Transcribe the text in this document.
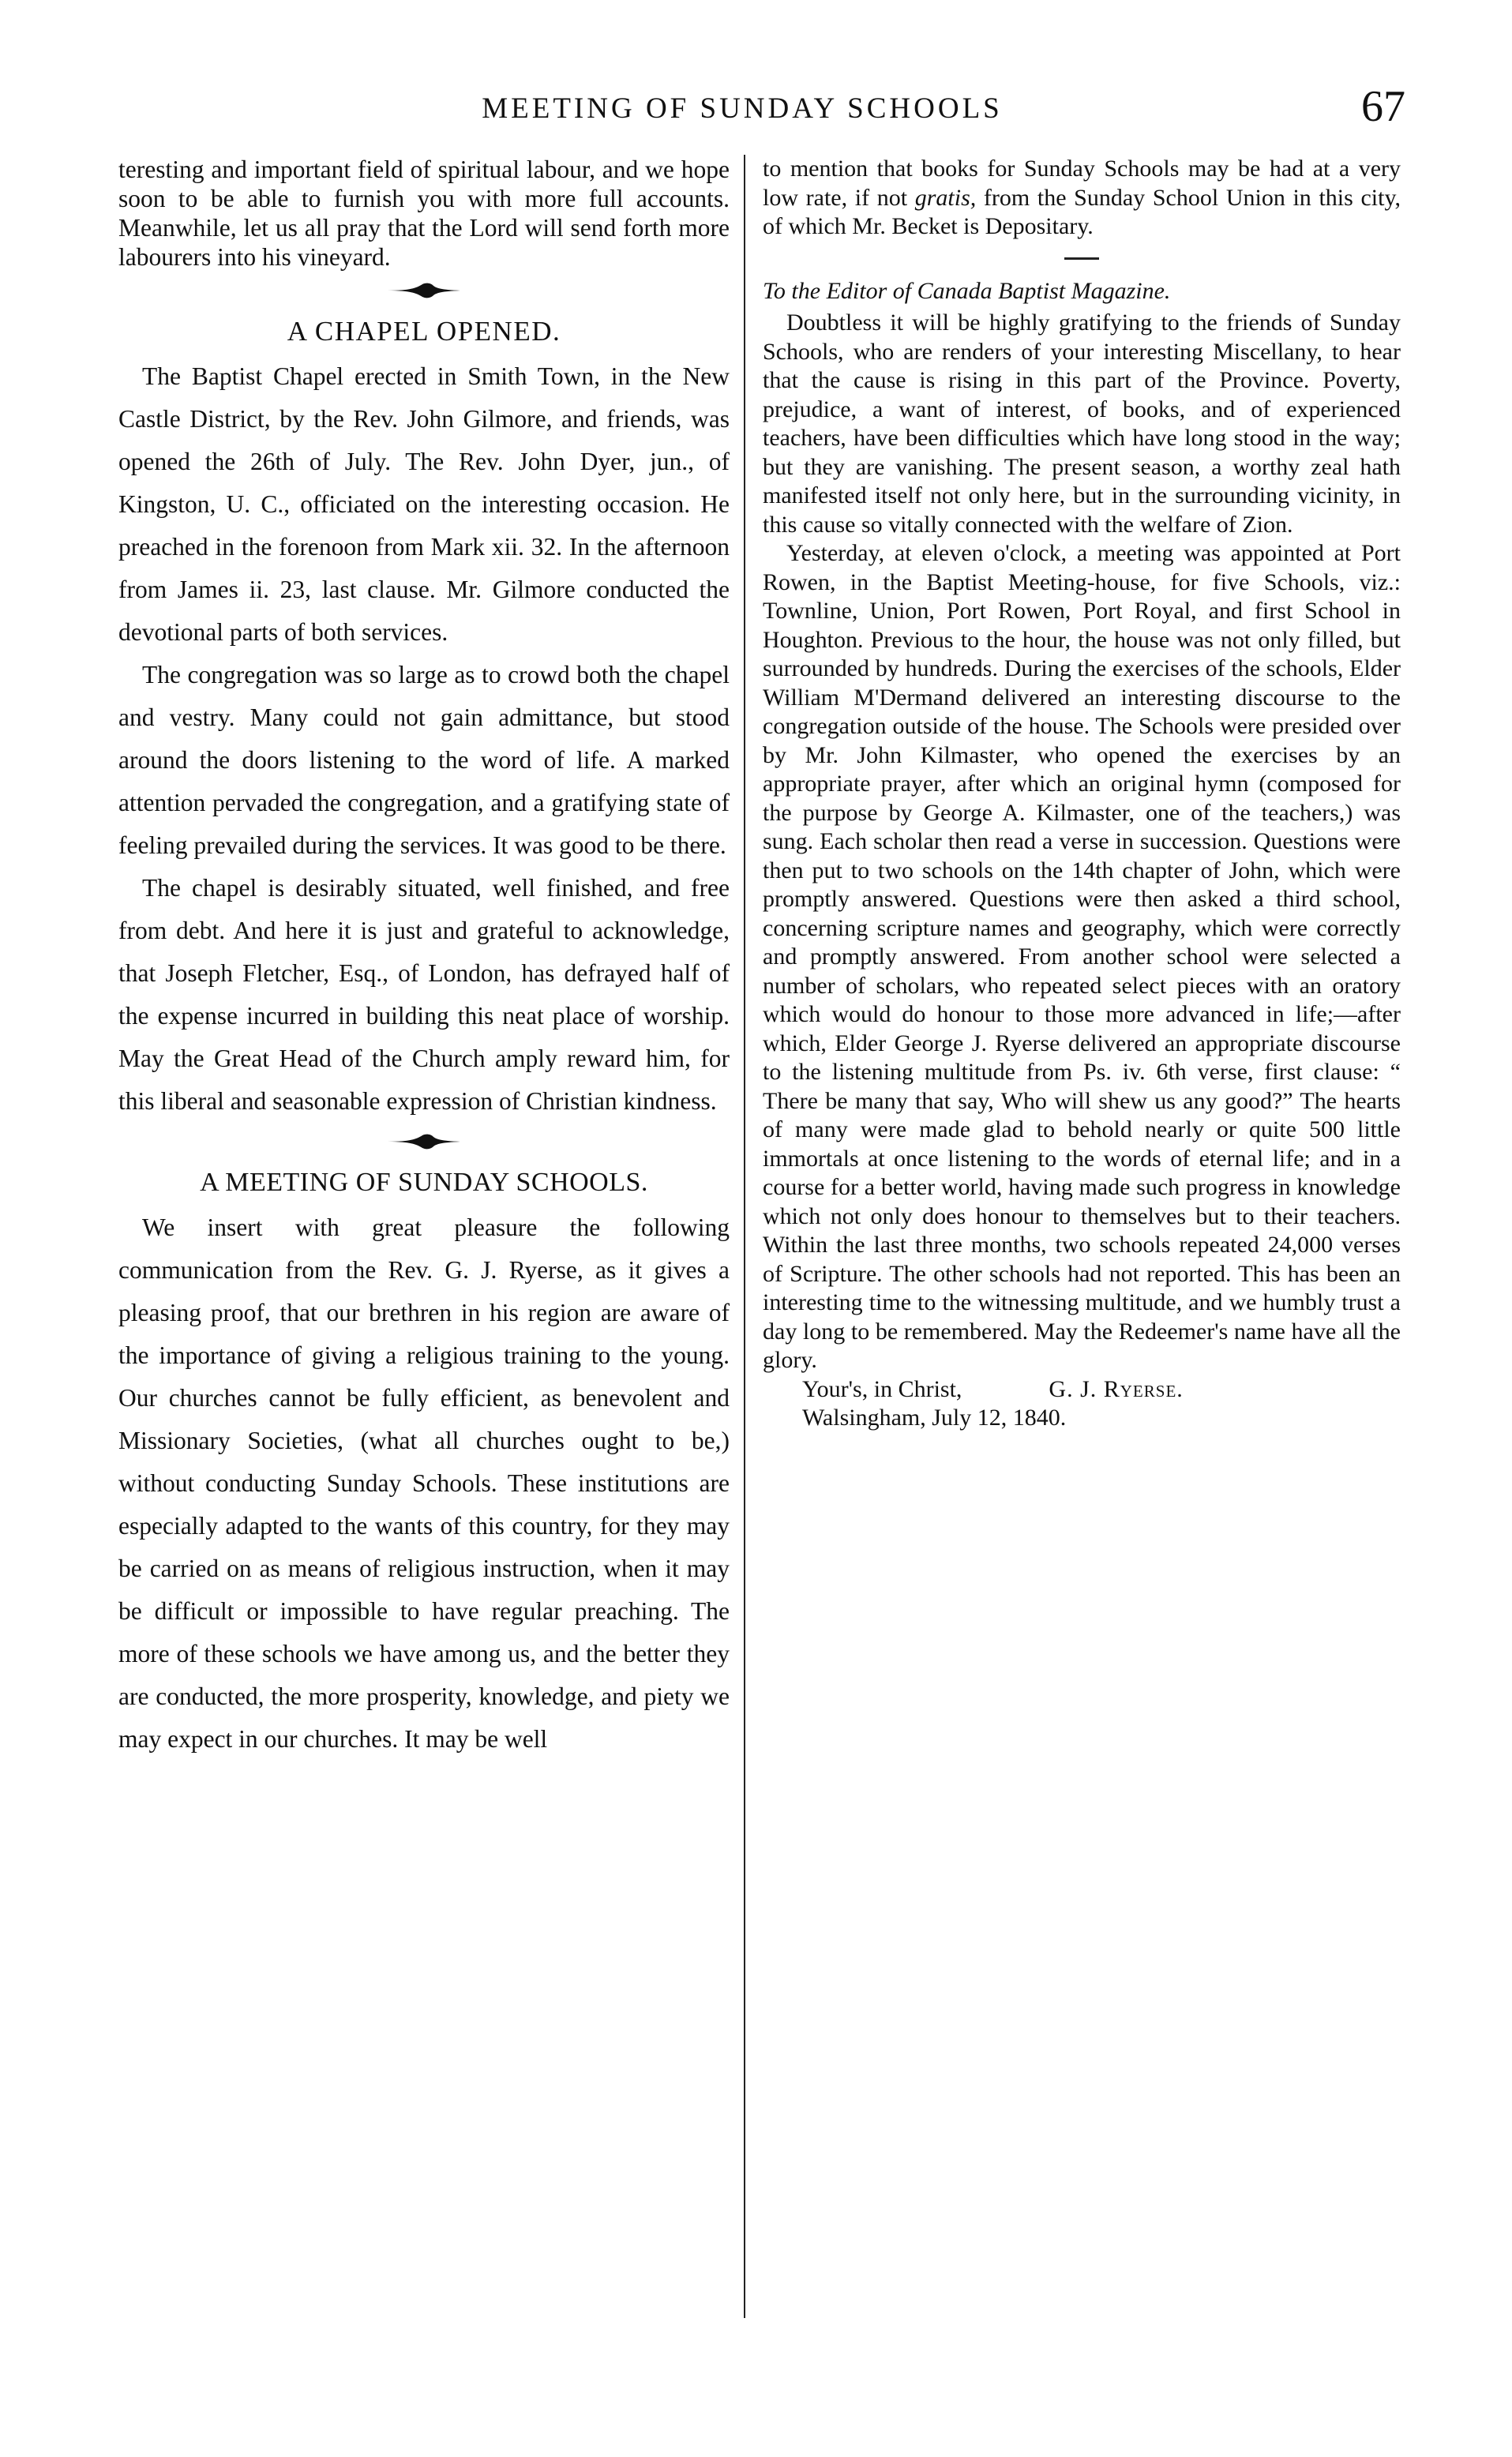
MEETING OF SUNDAY SCHOOLS	67

teresting and important field of spiritual labour, and we hope soon to be able to furnish you with more full accounts. Meanwhile, let us all pray that the Lord will send forth more labourers into his vineyard.

A CHAPEL OPENED.

The Baptist Chapel erected in Smith Town, in the New Castle District, by the Rev. John Gilmore, and friends, was opened the 26th of July. The Rev. John Dyer, jun., of Kingston, U. C., officiated on the interesting occasion. He preached in the forenoon from Mark xii. 32. In the afternoon from James ii. 23, last clause. Mr. Gilmore conducted the devotional parts of both services.

The congregation was so large as to crowd both the chapel and vestry. Many could not gain admittance, but stood around the doors listening to the word of life. A marked attention pervaded the congregation, and a gratifying state of feeling prevailed during the services. It was good to be there.

The chapel is desirably situated, well finished, and free from debt. And here it is just and grateful to acknowledge, that Joseph Fletcher, Esq., of London, has defrayed half of the expense incurred in building this neat place of worship. May the Great Head of the Church amply reward him, for this liberal and seasonable expression of Christian kindness.

A MEETING OF SUNDAY SCHOOLS.

We insert with great pleasure the following communication from the Rev. G. J. Ryerse, as it gives a pleasing proof, that our brethren in his region are aware of the importance of giving a religious training to the young. Our churches cannot be fully efficient, as benevolent and Missionary Societies, (what all churches ought to be,) without conducting Sunday Schools. These institutions are especially adapted to the wants of this country, for they may be carried on as means of religious instruction, when it may be difficult or impossible to have regular preaching. The more of these schools we have among us, and the better they are conducted, the more prosperity, knowledge, and piety we may expect in our churches. It may be well

to mention that books for Sunday Schools may be had at a very low rate, if not gratis, from the Sunday School Union in this city, of which Mr. Becket is Depositary.

To the Editor of Canada Baptist Magazine.

Doubtless it will be highly gratifying to the friends of Sunday Schools, who are renders of your interesting Miscellany, to hear that the cause is rising in this part of the Province. Poverty, prejudice, a want of interest, of books, and of experienced teachers, have been difficulties which have long stood in the way; but they are vanishing. The present season, a worthy zeal hath manifested itself not only here, but in the surrounding vicinity, in this cause so vitally connected with the welfare of Zion.

Yesterday, at eleven o'clock, a meeting was appointed at Port Rowen, in the Baptist Meeting-house, for five Schools, viz.: Townline, Union, Port Rowen, Port Royal, and first School in Houghton. Previous to the hour, the house was not only filled, but surrounded by hundreds. During the exercises of the schools, Elder William M'Dermand delivered an interesting discourse to the congregation outside of the house. The Schools were presided over by Mr. John Kilmaster, who opened the exercises by an appropriate prayer, after which an original hymn (composed for the purpose by George A. Kilmaster, one of the teachers,) was sung. Each scholar then read a verse in succession. Questions were then put to two schools on the 14th chapter of John, which were promptly answered. Questions were then asked a third school, concerning scripture names and geography, which were correctly and promptly answered. From another school were selected a number of scholars, who repeated select pieces with an oratory which would do honour to those more advanced in life;—after which, Elder George J. Ryerse delivered an appropriate discourse to the listening multitude from Ps. iv. 6th verse, first clause: “ There be many that say, Who will shew us any good?” The hearts of many were made glad to behold nearly or quite 500 little immortals at once listening to the words of eternal life; and in a course for a better world, having made such progress in knowledge which not only does honour to themselves but to their teachers. Within the last three months, two schools repeated 24,000 verses of Scripture. The other schools had not reported. This has been an interesting time to the witnessing multitude, and we humbly trust a day long to be remembered. May the Redeemer's name have all the glory.

Your's, in Christ,	G. J. Ryerse.

Walsingham, July 12, 1840.
